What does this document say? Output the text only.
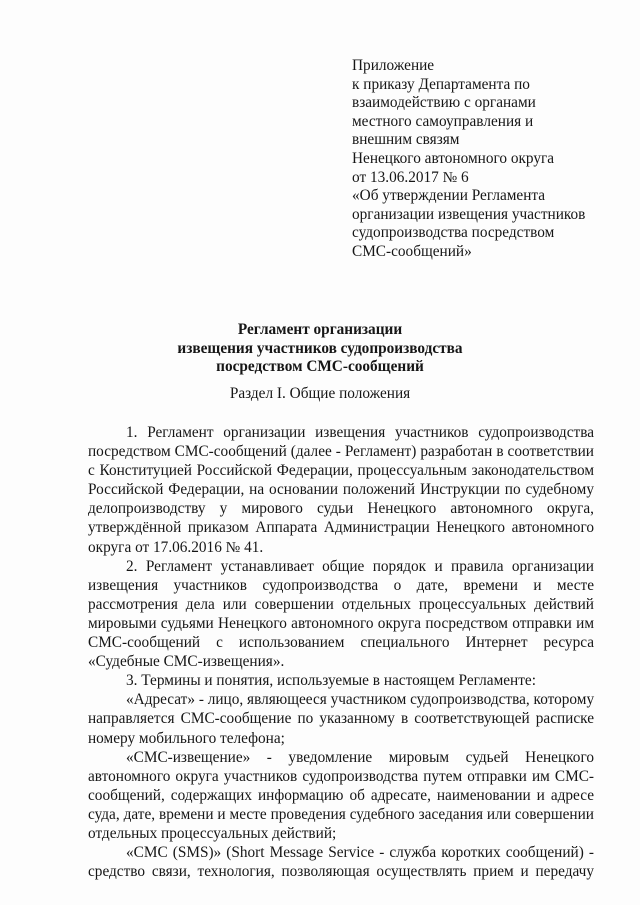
Приложение
к приказу Департамента по
взаимодействию с органами
местного самоуправления и
внешним связям
Ненецкого автономного округа
от 13.06.2017 № 6
«Об утверждении Регламента
организации извещения участников
судопроизводства посредством
СМС-сообщений»
Регламент организации
извещения участников судопроизводства
посредством СМС-сообщений
Раздел I. Общие положения
1. Регламент организации извещения участников судопроизводства
посредством СМС-сообщений (далее - Регламент) разработан в соответствии
с Конституцией Российской Федерации, процессуальным законодательством
Российской Федерации, на основании положений Инструкции по судебному
делопроизводству у мирового судьи Ненецкого автономного округа,
утверждённой приказом Аппарата Администрации Ненецкого автономного
округа от 17.06.2016 № 41.
2. Регламент устанавливает общие порядок и правила организации
извещения участников судопроизводства о дате, времени и месте
рассмотрения дела или совершении отдельных процессуальных действий
мировыми судьями Ненецкого автономного округа посредством отправки им
СМС-сообщений с использованием специального Интернет ресурса
«Судебные СМС-извещения».
3. Термины и понятия, используемые в настоящем Регламенте:
«Адресат» - лицо, являющееся участником судопроизводства, которому
направляется СМС-сообщение по указанному в соответствующей расписке
номеру мобильного телефона;
«СМС-извещение» - уведомление мировым судьей Ненецкого
автономного округа участников судопроизводства путем отправки им СМС-
сообщений, содержащих информацию об адресате, наименовании и адресе
суда, дате, времени и месте проведения судебного заседания или совершении
отдельных процессуальных действий;
«СМС (SMS)» (Short Message Service - служба коротких сообщений) -
средство связи, технология, позволяющая осуществлять прием и передачу
